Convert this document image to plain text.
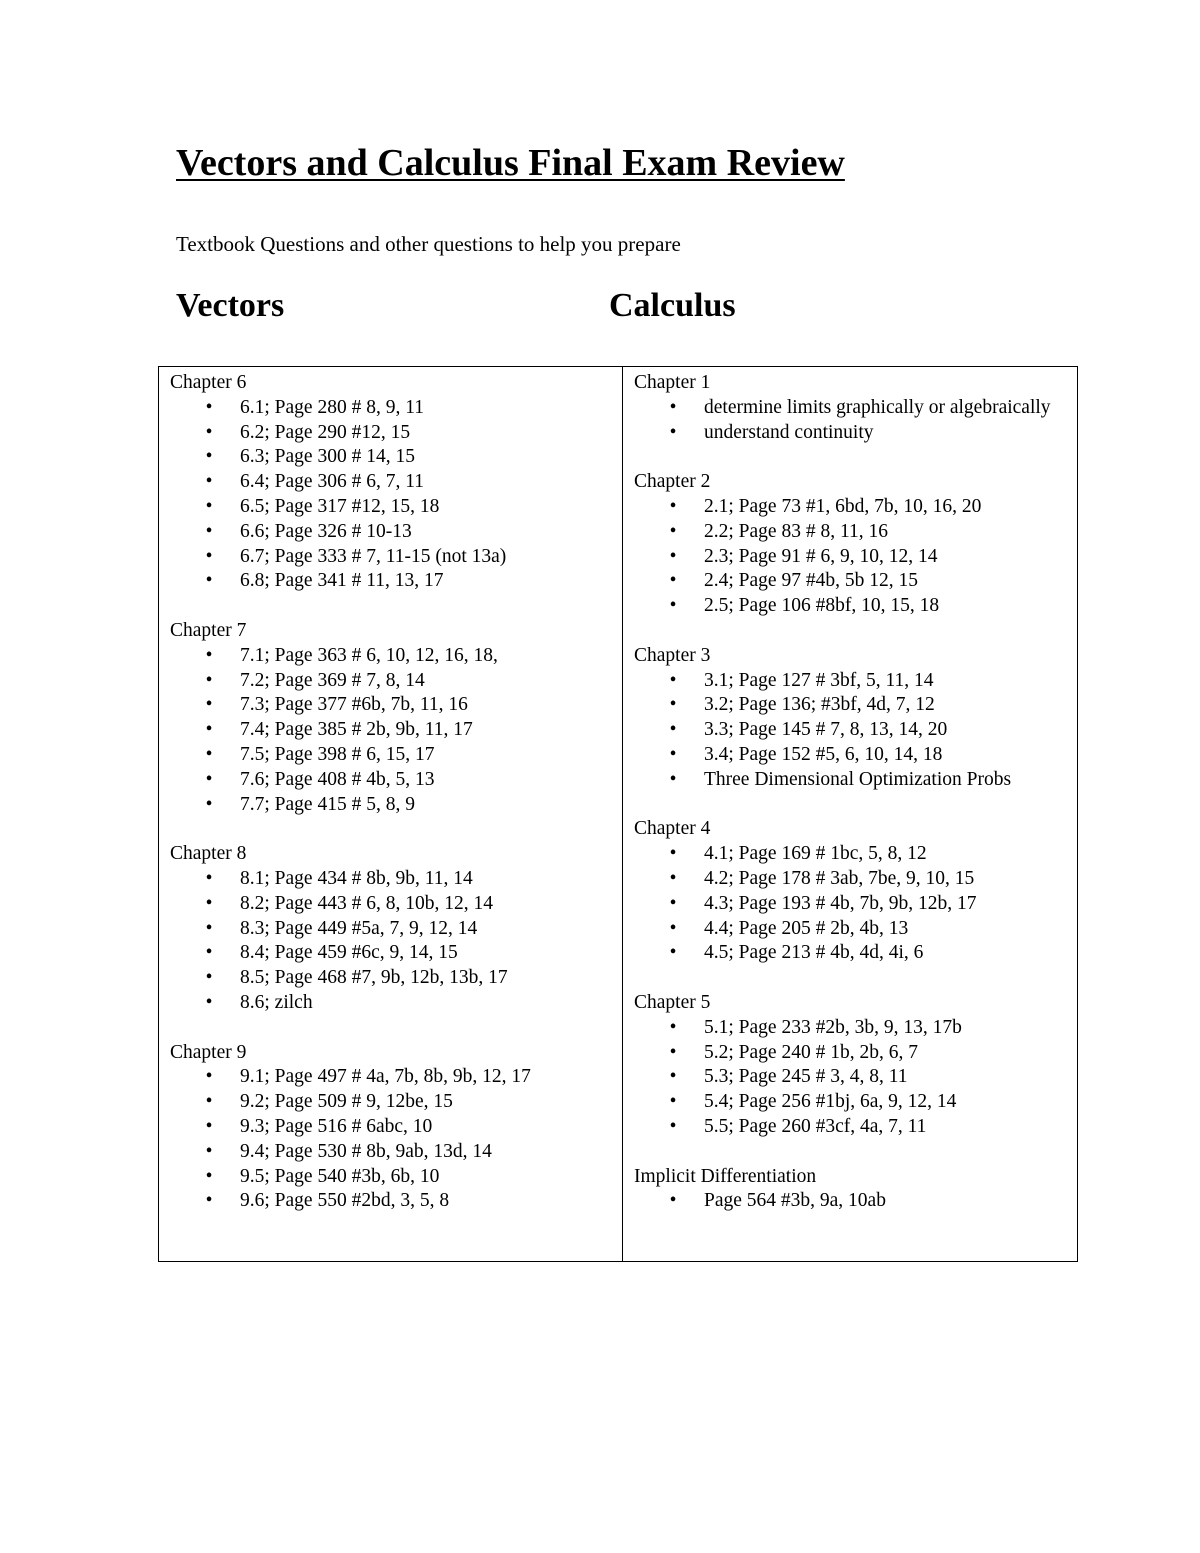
Vectors and Calculus Final Exam Review

Textbook Questions and other questions to help you prepare

Vectors	Calculus
Chapter 6
• 6.1; Page 280 # 8, 9, 11
• 6.2; Page 290 #12, 15
• 6.3; Page 300 # 14, 15
• 6.4; Page 306 # 6, 7, 11
• 6.5; Page 317 #12, 15, 18
• 6.6; Page 326 # 10-13
• 6.7; Page 333 # 7, 11-15 (not 13a)
• 6.8; Page 341 # 11, 13, 17
Chapter 7
• 7.1; Page 363 # 6, 10, 12, 16, 18,
• 7.2; Page 369 # 7, 8, 14
• 7.3; Page 377 #6b, 7b, 11, 16
• 7.4; Page 385 # 2b, 9b, 11, 17
• 7.5; Page 398 # 6, 15, 17
• 7.6; Page 408 # 4b, 5, 13
• 7.7; Page 415 # 5, 8, 9
Chapter 8
• 8.1; Page 434 # 8b, 9b, 11, 14
• 8.2; Page 443 # 6, 8, 10b, 12, 14
• 8.3; Page 449 #5a, 7, 9, 12, 14
• 8.4; Page 459 #6c, 9, 14, 15
• 8.5; Page 468 #7, 9b, 12b, 13b, 17
• 8.6; zilch
Chapter 9
• 9.1; Page 497 # 4a, 7b, 8b, 9b, 12, 17
• 9.2; Page 509 # 9, 12be, 15
• 9.3; Page 516 # 6abc, 10
• 9.4; Page 530 # 8b, 9ab, 13d, 14
• 9.5; Page 540 #3b, 6b, 10
• 9.6; Page 550 #2bd, 3, 5, 8

Chapter 1
• determine limits graphically or algebraically
• understand continuity
Chapter 2
• 2.1; Page 73 #1, 6bd, 7b, 10, 16, 20
• 2.2; Page 83 # 8, 11, 16
• 2.3; Page 91 # 6, 9, 10, 12, 14
• 2.4; Page 97 #4b, 5b 12, 15
• 2.5; Page 106 #8bf, 10, 15, 18
Chapter 3
• 3.1; Page 127 # 3bf, 5, 11, 14
• 3.2; Page 136; #3bf, 4d, 7, 12
• 3.3; Page 145 # 7, 8, 13, 14, 20
• 3.4; Page 152 #5, 6, 10, 14, 18
• Three Dimensional Optimization Probs
Chapter 4
• 4.1; Page 169 # 1bc, 5, 8, 12
• 4.2; Page 178 # 3ab, 7be, 9, 10, 15
• 4.3; Page 193 # 4b, 7b, 9b, 12b, 17
• 4.4; Page 205 # 2b, 4b, 13
• 4.5; Page 213 # 4b, 4d, 4i, 6
Chapter 5
• 5.1; Page 233 #2b, 3b, 9, 13, 17b
• 5.2; Page 240 # 1b, 2b, 6, 7
• 5.3; Page 245 # 3, 4, 8, 11
• 5.4; Page 256 #1bj, 6a, 9, 12, 14
• 5.5; Page 260 #3cf, 4a, 7, 11
Implicit Differentiation
• Page 564 #3b, 9a, 10ab
